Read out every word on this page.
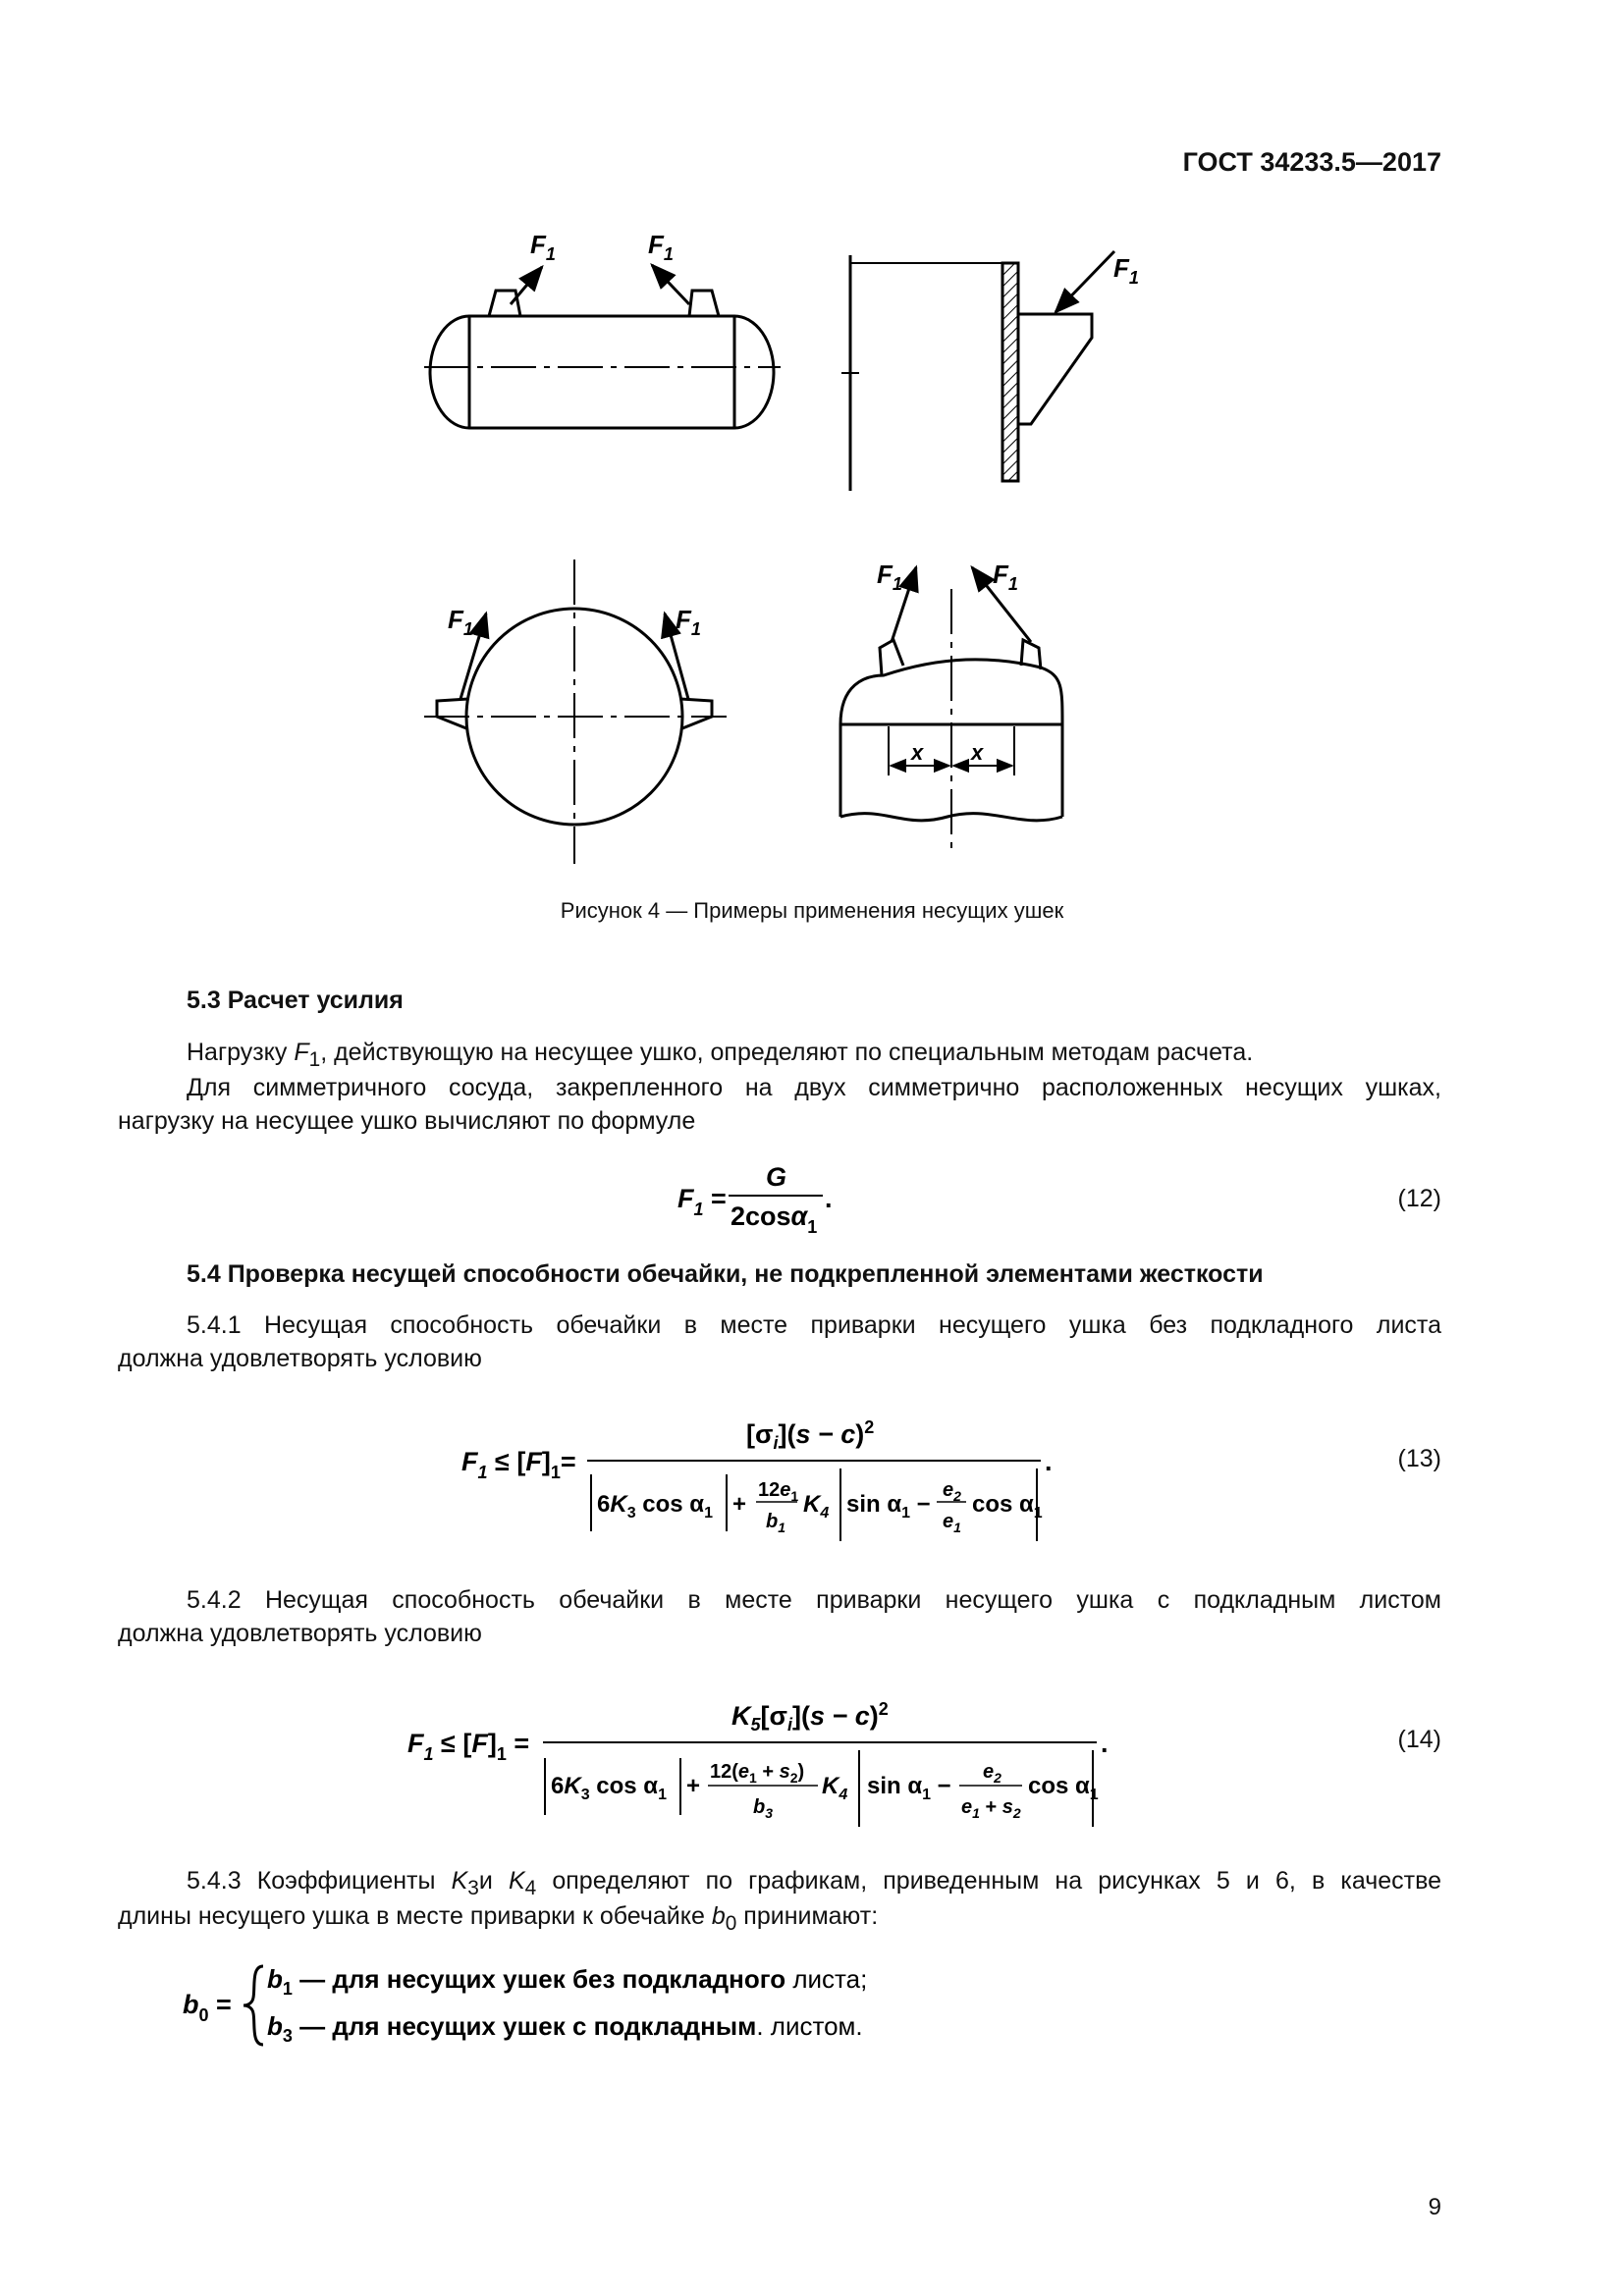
ГОСТ 34233.5—2017
$F_1$	$F_1$	$F_1$
$F_1$	$F_1$
$F_1$	$F_1$
x x
Рисунок 4 — Примеры применения несущих ушек
5.3 Расчет усилия
Нагрузку $F_1$, действующую на несущее ушко, определяют по специальным методам расчета.
Для симметричного сосуда, закрепленного на двух симметрично расположенных несущих ушках,
нагрузку на несущее ушко вычисляют по формуле
$F_1$ =
G
2cosα$_1$
.	(12)
5.4 Проверка несущей способности обечайки, не подкрепленной элементами жесткости
5.4.1 Несущая способность обечайки в месте приварки несущего ушка без подкладного листа
должна удовлетворять условию
$F_1 \le [F]_1=$
$[\sigma_i](s - c)^2$
$6K_3$ $\cos \alpha_1$ +
$12e_1$
$b_1$
$K_4$ $\sin \alpha_1$ −
$e_2$
$e_1$
$\cos \alpha_1$
.	(13)
5.4.2 Несущая способность обечайки в месте приварки несущего ушка с подкладным листом
должна удовлетворять условию
$F_1 \le [F]_1$ =
$K_5[\sigma_i](s - c)^2$
$6K_3$ $\cos \alpha_1$ +
$12(e_1 + s_2)$
$b_3$
$K_4$ $\sin \alpha_1$ −
$e_2$
$e_1 + s_2$
$\cos \alpha_1$
.	(14)
5.4.3 Коэффициенты $K_3и$ $K_4$ определяют по графикам, приведенным на рисунках 5 и 6, в качестве
длины несущего ушка в месте приварки к обечайке $b_0$ принимают:
$b_0$ =
$b_1$ — для несущих ушек без подкладного листа;
$b_3$ — для несущих ушек с подкладным. листом.
9
